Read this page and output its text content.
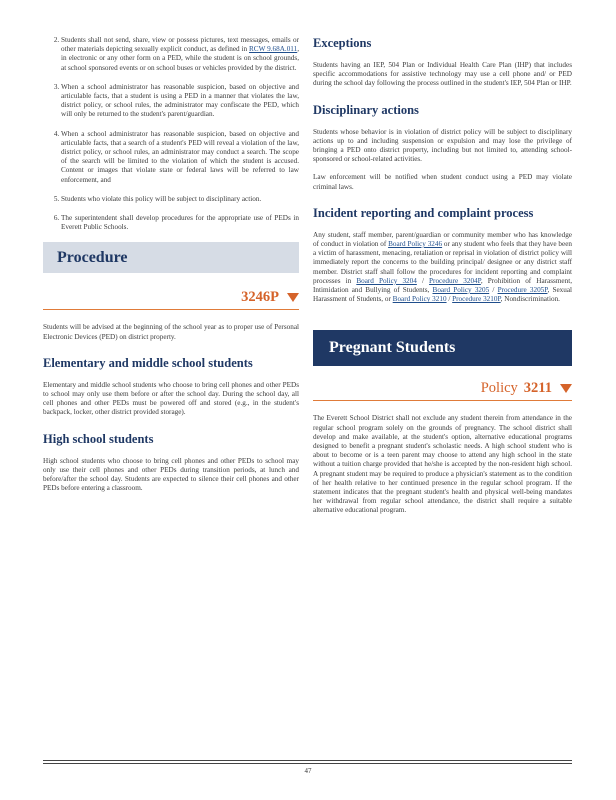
2. Students shall not send, share, view or possess pictures, text messages, emails or other materials depicting sexually explicit conduct, as defined in RCW 9.68A.011, in electronic or any other form on a PED, while the student is on school grounds, at school sponsored events or on school buses or vehicles provided by the district.
3. When a school administrator has reasonable suspicion, based on objective and articulable facts, that a student is using a PED in a manner that violates the law, district policy, or school rules, the administrator may confiscate the PED, which will only be returned to the student's parent/guardian.
4. When a school administrator has reasonable suspicion, based on objective and articulable facts, that a search of a student's PED will reveal a violation of the law, district policy, or school rules, an administrator may conduct a search. The scope of the search will be limited to the violation of which the student is accused. Content or images that violate state or federal laws will be referred to law enforcement, and
5. Students who violate this policy will be subject to disciplinary action.
6. The superintendent shall develop procedures for the appropriate use of PEDs in Everett Public Schools.
Procedure
3246P
Students will be advised at the beginning of the school year as to proper use of Personal Electronic Devices (PED) on district property.
Elementary and middle school students
Elementary and middle school students who choose to bring cell phones and other PEDs to school may only use them before or after the school day. During the school day, all cell phones and other PEDs must be powered off and stored (e.g., in the student's backpack, locker, other district provided storage).
High school students
High school students who choose to bring cell phones and other PEDs to school may only use their cell phones and other PEDs during transition periods, at lunch and before/after the school day. Students are expected to silence their cell phones and other PEDs before entering a classroom.
Exceptions
Students having an IEP, 504 Plan or Individual Health Care Plan (IHP) that includes specific accommodations for assistive technology may use a cell phone and/ or PED during the school day following the process outlined in the student's IEP, 504 Plan or IHP.
Disciplinary actions
Students whose behavior is in violation of district policy will be subject to disciplinary actions up to and including suspension or expulsion and may lose the privilege of bringing a PED onto district property, including but not limited to, attending school-sponsored or school-related activities.
Law enforcement will be notified when student conduct using a PED may violate criminal laws.
Incident reporting and complaint process
Any student, staff member, parent/guardian or community member who has knowledge of conduct in violation of Board Policy 3246 or any student who feels that they have been a victim of harassment, menacing, retaliation or reprisal in violation of district policy will immediately report the concerns to the building principal/ designee or any district staff member. District staff shall follow the procedures for incident reporting and complaint processes in Board Policy 3204 / Procedure 3204P, Prohibition of Harassment, Intimidation and Bullying of Students, Board Policy 3205 / Procedure 3205P, Sexual Harassment of Students, or Board Policy 3210 / Procedure 3210P, Nondiscrimination.
Pregnant Students
Policy 3211
The Everett School District shall not exclude any student therein from attendance in the regular school program solely on the grounds of pregnancy. The school district shall develop and make available, at the student's option, alternative educational programs designed to benefit a pregnant student's scholastic needs. A high school student who is about to become or is a teen parent may choose to attend any high school in the state without a tuition charge provided that he/she is accepted by the non-resident high school. A pregnant student may be required to produce a physician's statement as to the condition of her health relative to her continued presence in the regular school program. If the statement indicates that the pregnant student's health and physical well-being mandates her withdrawal from regular school attendance, the district shall require a suitable alternative educational program.
47
